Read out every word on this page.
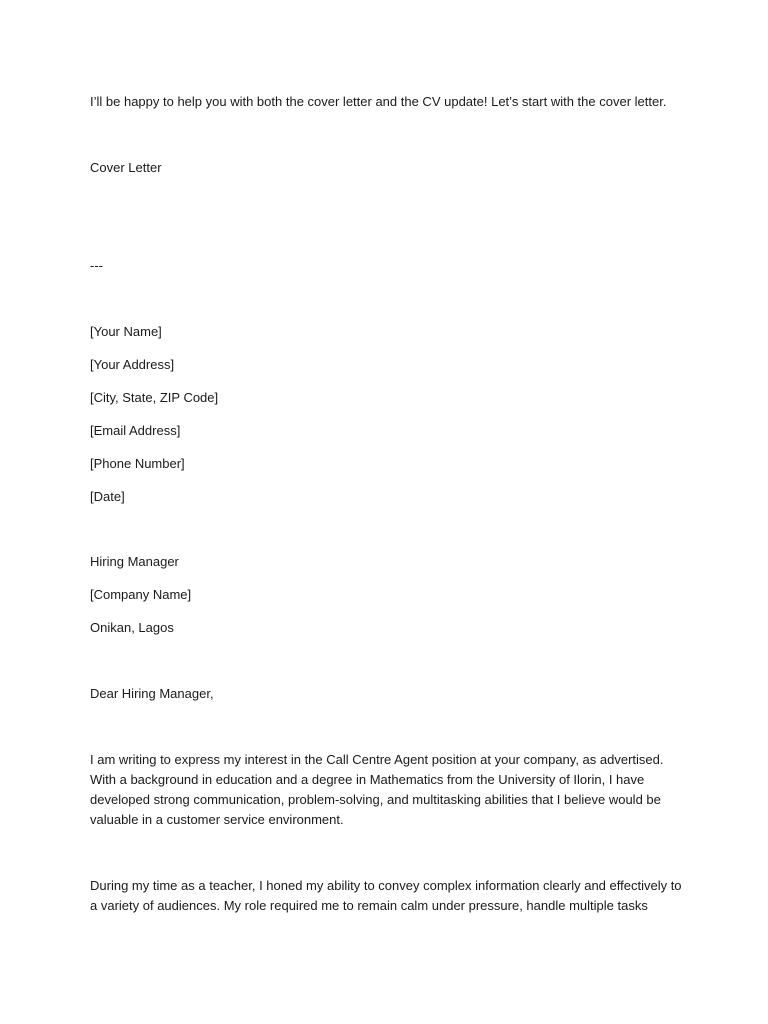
I’ll be happy to help you with both the cover letter and the CV update! Let’s start with the cover letter.
Cover Letter
---
[Your Name]
[Your Address]
[City, State, ZIP Code]
[Email Address]
[Phone Number]
[Date]
Hiring Manager
[Company Name]
Onikan, Lagos
Dear Hiring Manager,
I am writing to express my interest in the Call Centre Agent position at your company, as advertised.
With a background in education and a degree in Mathematics from the University of Ilorin, I have
developed strong communication, problem-solving, and multitasking abilities that I believe would be
valuable in a customer service environment.
During my time as a teacher, I honed my ability to convey complex information clearly and effectively to
a variety of audiences. My role required me to remain calm under pressure, handle multiple tasks
